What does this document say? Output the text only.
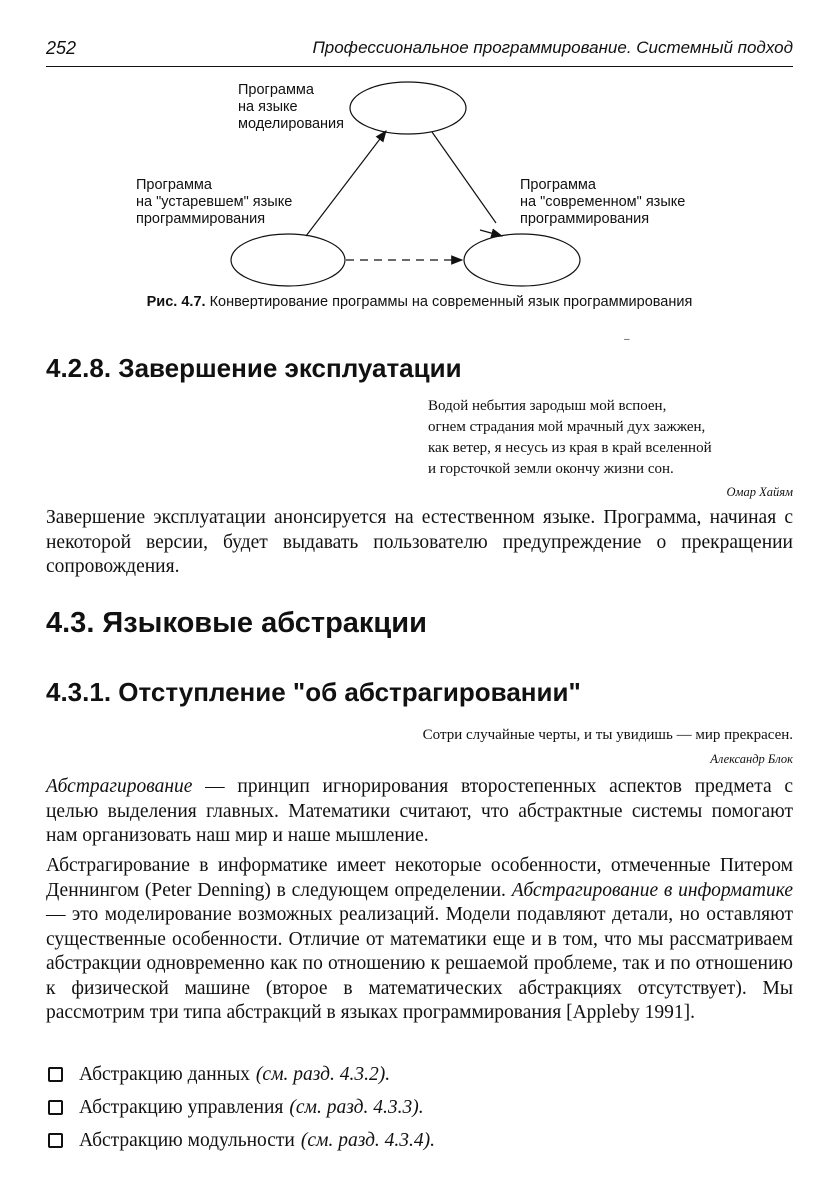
252	Профессиональное программирование. Системный подход
Программа
на языке
моделирования
Программа
на "устаревшем" языке
программирования
Программа
на "современном" языке
программирования
Рис. 4.7. Конвертирование программы на современный язык программирования
–
4.2.8. Завершение эксплуатации
Водой небытия зародыш мой вспоен,
огнем страдания мой мрачный дух зажжен,
как ветер, я несусь из края в край вселенной
и горсточкой земли окончу жизни сон.
Омар Хайям

Завершение эксплуатации анонсируется на естественном языке. Программа, начиная с некоторой версии, будет выдавать пользователю предупреждение о прекращении сопровождения.

4.3. Языковые абстракции
4.3.1. Отступление "об абстрагировании"
Сотри случайные черты, и ты увидишь — мир прекрасен.
Александр Блок

Абстрагирование — принцип игнорирования второстепенных аспектов предмета с целью выделения главных. Математики считают, что абстрактные системы помогают нам организовать наш мир и наше мышление.

Абстрагирование в информатике имеет некоторые особенности, отмеченные Питером Деннингом (Peter Denning) в следующем определении. Абстрагирование в информатике — это моделирование возможных реализаций. Модели подавляют детали, но оставляют существенные особенности. Отличие от математики еще и в том, что мы рассматриваем абстракции одновременно как по отношению к решаемой проблеме, так и по отношению к физической машине (второе в математических абстракциях отсутствует). Мы рассмотрим три типа абстракций в языках программирования [Appleby 1991].

Абстракцию данных (см. разд. 4.3.2).
Абстракцию управления (см. разд. 4.3.3).
Абстракцию модульности (см. разд. 4.3.4).
